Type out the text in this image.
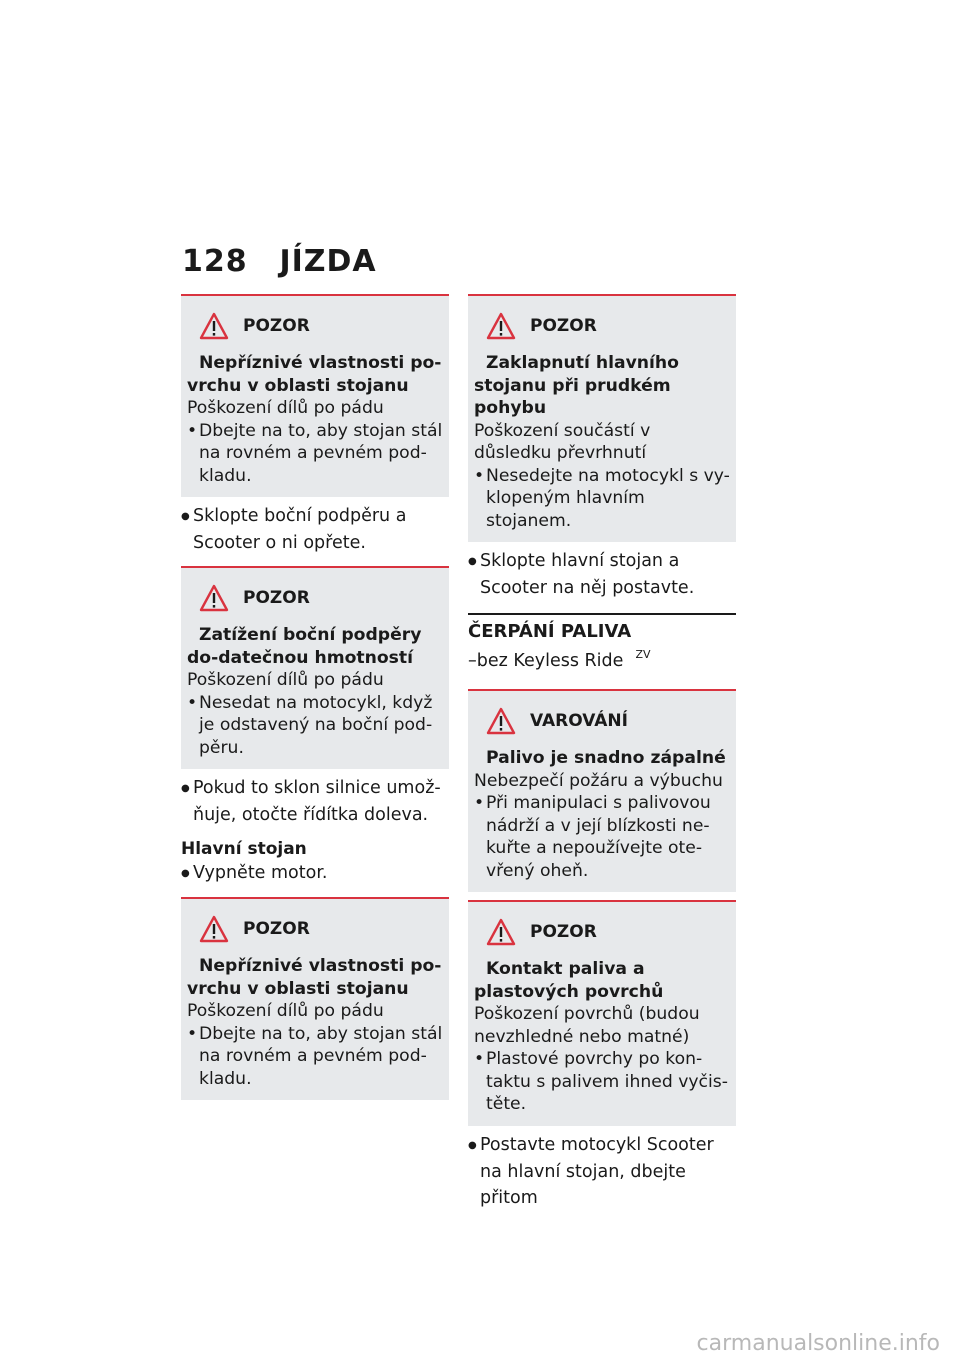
128 JÍZDA
POZOR
Nepříznivé vlastnosti po-vrchu v oblasti stojanu
Poškození dílů po pádu
• Dbejte na to, aby stojan stál na rovném a pevném pod-kladu.
● Sklopte boční podpěru a Scooter o ni opřete.
POZOR
Zatížení boční podpěry do-datečnou hmotností
Poškození dílů po pádu
• Nesedat na motocykl, když je odstavený na boční pod-pěru.
● Pokud to sklon silnice umož-ňuje, otočte řídítka doleva.
Hlavní stojan
● Vypněte motor.
POZOR
Nepříznivé vlastnosti po-vrchu v oblasti stojanu
Poškození dílů po pádu
• Dbejte na to, aby stojan stál na rovném a pevném pod-kladu.
POZOR
Zaklapnutí hlavního stojanu při prudkém pohybu
Poškození součástí v důsledku převrhnutí
• Nesedejte na motocykl s vy-klopeným hlavním stojanem.
● Sklopte hlavní stojan a Scooter na něj postavte.
ČERPÁNÍ PALIVA
–bez Keyless Ride $^{ZV}$
VAROVÁNÍ
Palivo je snadno zápalné
Nebezpečí požáru a výbuchu
• Při manipulaci s palivovou nádrží a v její blízkosti ne-kuřte a nepoužívejte ote-vřený oheň.
POZOR
Kontakt paliva a plastových povrchů
Poškození povrchů (budou nevzhledné nebo matné)
• Plastové povrchy po kon-taktu s palivem ihned vyčis-těte.
● Postavte motocykl Scooter na hlavní stojan, dbejte přitom
carmanualsonline.info
